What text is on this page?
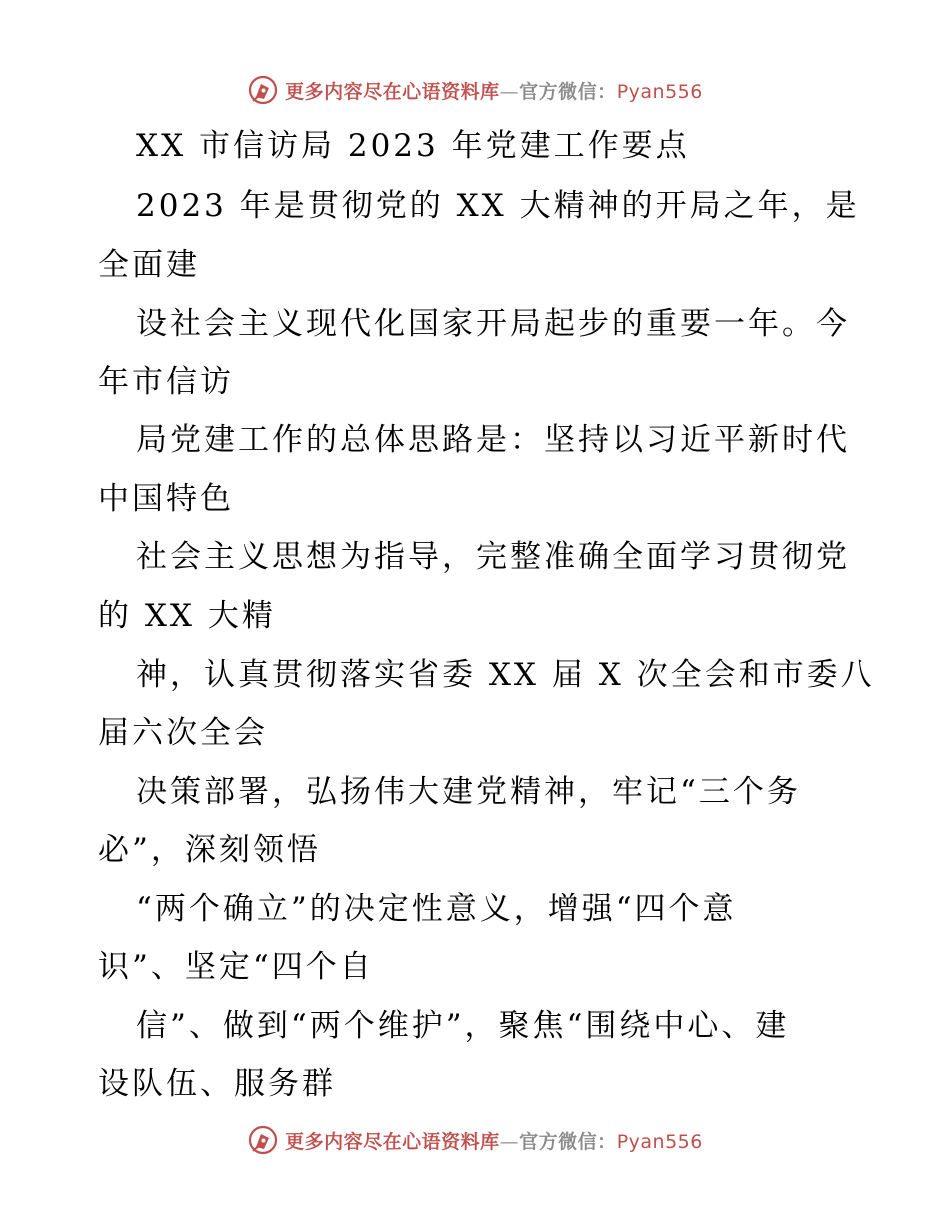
更多内容尽在心语资料库—官方微信：Pyan556
XX 市信访局 2023 年党建工作要点
2023 年是贯彻党的 XX 大精神的开局之年，是
全面建
设社会主义现代化国家开局起步的重要一年。今
年市信访
局党建工作的总体思路是：坚持以习近平新时代
中国特色
社会主义思想为指导，完整准确全面学习贯彻党
的 XX 大精
神，认真贯彻落实省委 XX 届 X 次全会和市委八
届六次全会
决策部署，弘扬伟大建党精神，牢记“三个务
必”，深刻领悟
“两个确立”的决定性意义，增强“四个意
识”、坚定“四个自
信”、做到“两个维护”，聚焦“围绕中心、建
设队伍、服务群
更多内容尽在心语资料库—官方微信：Pyan556
